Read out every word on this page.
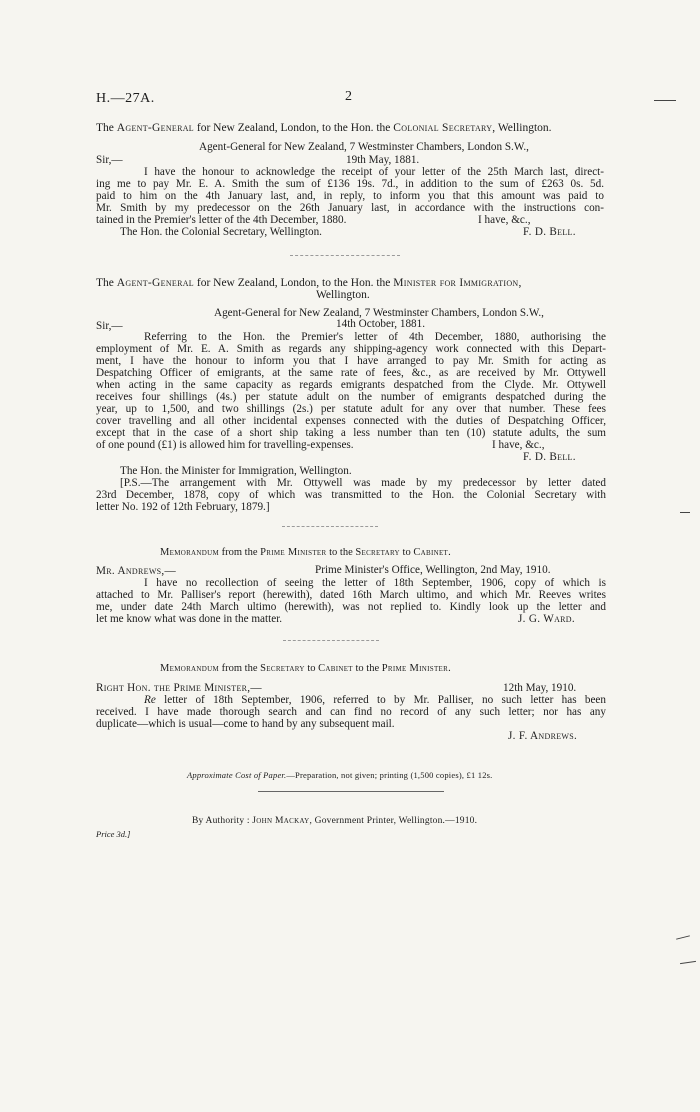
H.—27A.	2
The Agent-General for New Zealand, London, to the Hon. the Colonial Secretary, Wellington.
Agent-General for New Zealand, 7 Westminster Chambers, London S.W.,
Sir,—	19th May, 1881.
I have the honour to acknowledge the receipt of your letter of the 25th March last, direct-
ing me to pay Mr. E. A. Smith the sum of £136 19s. 7d., in addition to the sum of £263 0s. 5d.
paid to him on the 4th January last, and, in reply, to inform you that this amount was paid to
Mr. Smith by my predecessor on the 26th January last, in accordance with the instructions con-
tained in the Premier's letter of the 4th December, 1880.	I have, &c.,
The Hon. the Colonial Secretary, Wellington.	F. D. Bell.
The Agent-General for New Zealand, London, to the Hon. the Minister for Immigration,
Wellington.
Agent-General for New Zealand, 7 Westminster Chambers, London S.W.,
Sir,—	14th October, 1881.
Referring to the Hon. the Premier's letter of 4th December, 1880, authorising the
employment of Mr. E. A. Smith as regards any shipping-agency work connected with this Depart-
ment, I have the honour to inform you that I have arranged to pay Mr. Smith for acting as
Despatching Officer of emigrants, at the same rate of fees, &c., as are received by Mr. Ottywell
when acting in the same capacity as regards emigrants despatched from the Clyde. Mr. Ottywell
receives four shillings (4s.) per statute adult on the number of emigrants despatched during the
year, up to 1,500, and two shillings (2s.) per statute adult for any over that number. These fees
cover travelling and all other incidental expenses connected with the duties of Despatching Officer,
except that in the case of a short ship taking a less number than ten (10) statute adults, the sum
of one pound (£1) is allowed him for travelling-expenses.	I have, &c.,
F. D. Bell.
The Hon. the Minister for Immigration, Wellington.
[P.S.—The arrangement with Mr. Ottywell was made by my predecessor by letter dated
23rd December, 1878, copy of which was transmitted to the Hon. the Colonial Secretary with
letter No. 192 of 12th February, 1879.]
Memorandum from the Prime Minister to the Secretary to Cabinet.
Mr. Andrews,—	Prime Minister's Office, Wellington, 2nd May, 1910.
I have no recollection of seeing the letter of 18th September, 1906, copy of which is
attached to Mr. Palliser's report (herewith), dated 16th March ultimo, and which Mr. Reeves writes
me, under date 24th March ultimo (herewith), was not replied to. Kindly look up the letter and
let me know what was done in the matter.	J. G. Ward.
Memorandum from the Secretary to Cabinet to the Prime Minister.
Right Hon. the Prime Minister,—	12th May, 1910.
Re letter of 18th September, 1906, referred to by Mr. Palliser, no such letter has been
received. I have made thorough search and can find no record of any such letter; nor has any
duplicate—which is usual—come to hand by any subsequent mail.
J. F. Andrews.
Approximate Cost of Paper.—Preparation, not given; printing (1,500 copies), £1 12s.
By Authority : John Mackay, Government Printer, Wellington.—1910.
Price 3d.]
